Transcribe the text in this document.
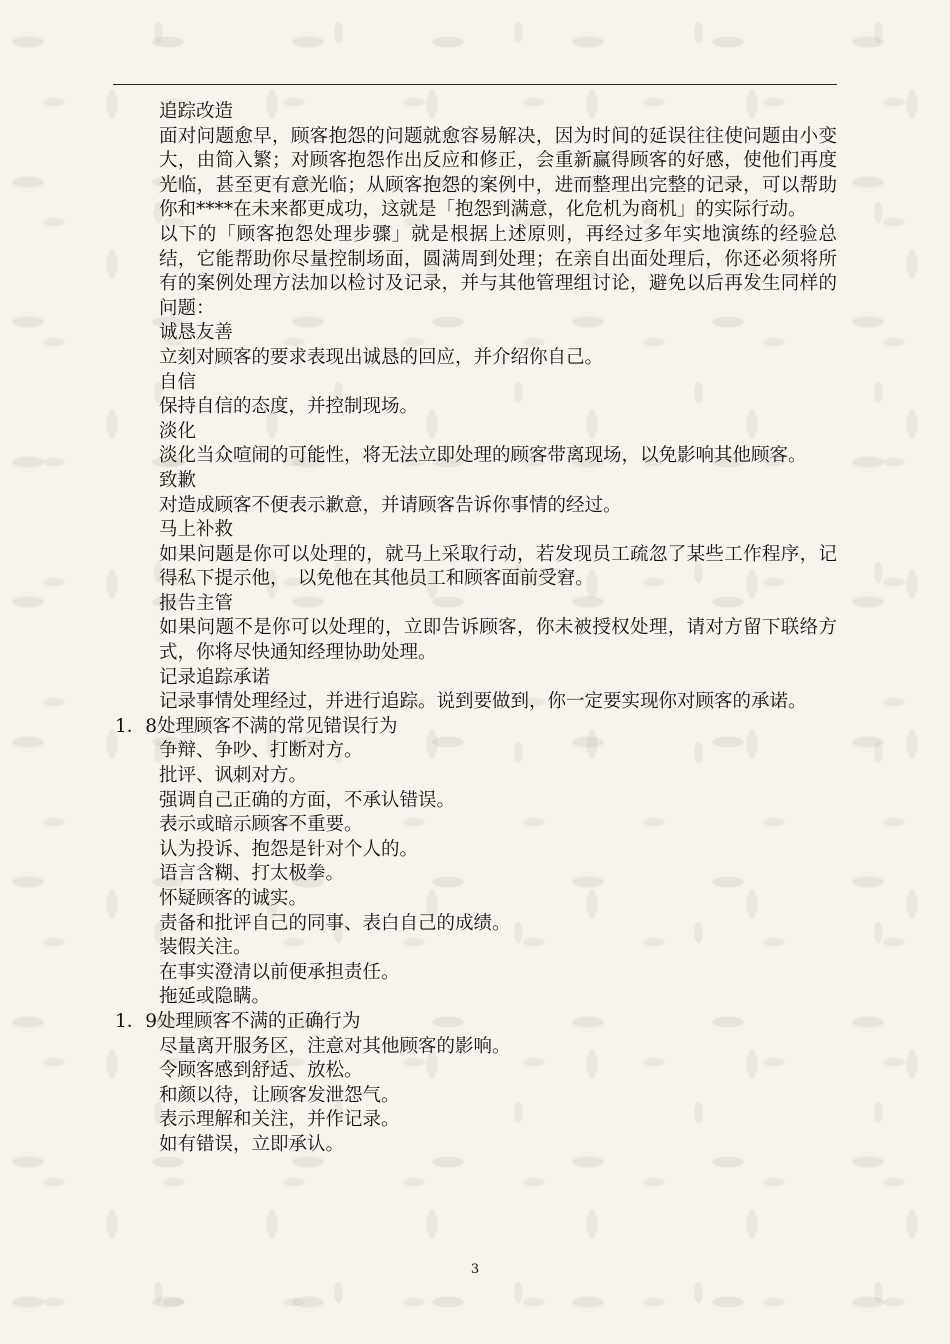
追踪改造

面对问题愈早，顾客抱怨的问题就愈容易解决，因为时间的延误往往使问题由小变大，由简入繁；对顾客抱怨作出反应和修正，会重新赢得顾客的好感，使他们再度光临，甚至更有意光临；从顾客抱怨的案例中，进而整理出完整的记录，可以帮助你和****在未来都更成功，这就是「抱怨到满意，化危机为商机」的实际行动。

以下的「顾客抱怨处理步骤」就是根据上述原则，再经过多年实地演练的经验总结，它能帮助你尽量控制场面，圆满周到处理；在亲自出面处理后，你还必须将所有的案例处理方法加以检讨及记录，并与其他管理组讨论，避免以后再发生同样的问题：

诚恳友善

立刻对顾客的要求表现出诚恳的回应，并介绍你自己。

自信

保持自信的态度，并控制现场。

淡化

淡化当众喧闹的可能性，将无法立即处理的顾客带离现场，以免影响其他顾客。

致歉

对造成顾客不便表示歉意，并请顾客告诉你事情的经过。

马上补救

如果问题是你可以处理的，就马上采取行动，若发现员工疏忽了某些工作程序，记得私下提示他，　以免他在其他员工和顾客面前受窘。

报告主管

如果问题不是你可以处理的，立即告诉顾客，你未被授权处理，请对方留下联络方式，你将尽快通知经理协助处理。

记录追踪承诺

记录事情处理经过，并进行追踪。说到要做到，你一定要实现你对顾客的承诺。

1．8处理顾客不满的常见错误行为

争辩、争吵、打断对方。

批评、讽刺对方。

强调自己正确的方面，不承认错误。

表示或暗示顾客不重要。

认为投诉、抱怨是针对个人的。

语言含糊、打太极拳。

怀疑顾客的诚实。

责备和批评自己的同事、表白自己的成绩。

装假关注。

在事实澄清以前便承担责任。

拖延或隐瞒。

1．9处理顾客不满的正确行为

尽量离开服务区，注意对其他顾客的影响。

令顾客感到舒适、放松。

和颜以待，让顾客发泄怨气。

表示理解和关注，并作记录。

如有错误，立即承认。

3
